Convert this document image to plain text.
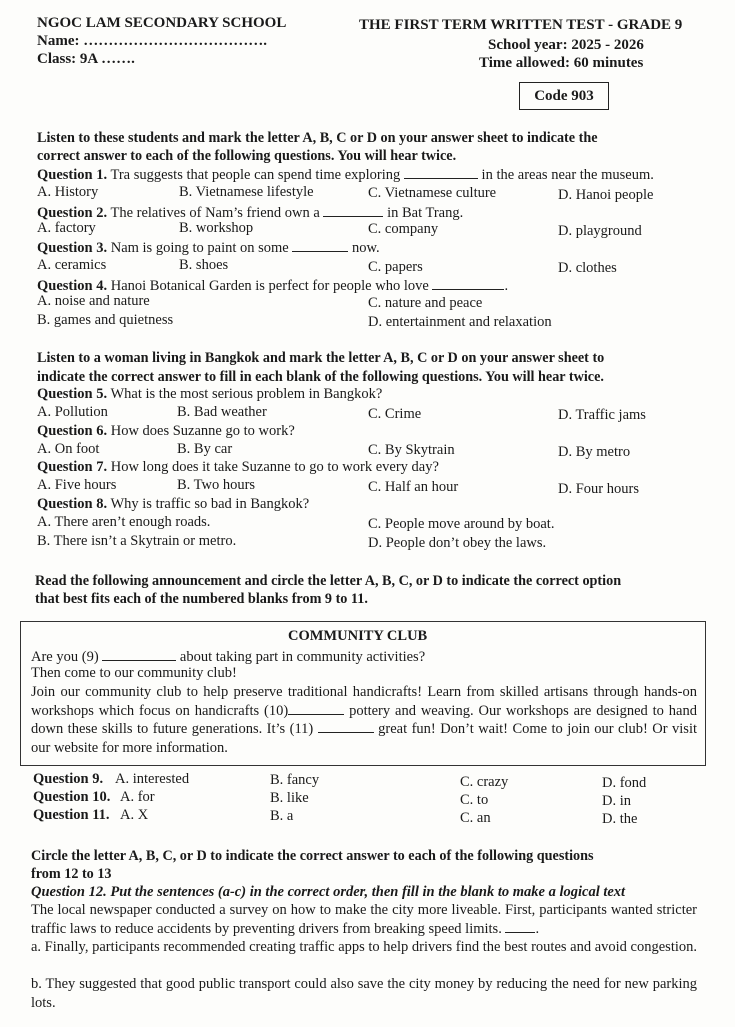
NGOC LAM SECONDARY SCHOOL
Name: ……………………………….
Class: 9A …….
THE FIRST TERM WRITTEN TEST - GRADE 9
School year: 2025 - 2026
Time allowed: 60 minutes
Code 903
Listen to these students and mark the letter A, B, C or D on your answer sheet to indicate the
correct answer to each of the following questions. You will hear twice.
Question 1. Tra suggests that people can spend time exploring	in the areas near the museum.
A. History	B. Vietnamese lifestyle	C. Vietnamese culture	D. Hanoi people
Question 2. The relatives of Nam’s friend own a	in Bat Trang.
A. factory	B. workshop	C. company	D. playground
Question 3. Nam is going to paint on some	now.
A. ceramics	B. shoes	C. papers	D. clothes
Question 4. Hanoi Botanical Garden is perfect for people who love	.
A. noise and nature	C. nature and peace
B. games and quietness	D. entertainment and relaxation
Listen to a woman living in Bangkok and mark the letter A, B, C or D on your answer sheet to
indicate the correct answer to fill in each blank of the following questions. You will hear twice.
Question 5. What is the most serious problem in Bangkok?
A. Pollution	B. Bad weather	C. Crime	D. Traffic jams
Question 6. How does Suzanne go to work?
A. On foot	B. By car	C. By Skytrain	D. By metro
Question 7. How long does it take Suzanne to go to work every day?
A. Five hours	B. Two hours	C. Half an hour	D. Four hours
Question 8. Why is traffic so bad in Bangkok?
A. There aren’t enough roads.	C. People move around by boat.
B. There isn’t a Skytrain or metro.	D. People don’t obey the laws.
Read the following announcement and circle the letter A, B, C, or D to indicate the correct option
that best fits each of the numbered blanks from 9 to 11.
COMMUNITY CLUB
Are you (9)	about taking part in community activities?
Then come to our community club!
Join our community club to help preserve traditional handicrafts! Learn from skilled artisans through hands-on workshops which focus on handicrafts (10)	pottery and weaving. Our workshops are designed to hand down these skills to future generations. It’s (11)	great fun! Don’t wait! Come to join our club! Or visit our website for more information.
Question 9. A. interested	B. fancy	C. crazy	D. fond
Question 10. A. for	B. like	C. to	D. in
Question 11. A. X	B. a	C. an	D. the
Circle the letter A, B, C, or D to indicate the correct answer to each of the following questions
from 12 to 13
Question 12. Put the sentences (a-c) in the correct order, then fill in the blank to make a logical text
The local newspaper conducted a survey on how to make the city more liveable. First, participants wanted stricter traffic laws to reduce accidents by preventing drivers from breaking speed limits. .
a. Finally, participants recommended creating traffic apps to help drivers find the best routes and avoid congestion.
b. They suggested that good public transport could also save the city money by reducing the need for new parking lots.
